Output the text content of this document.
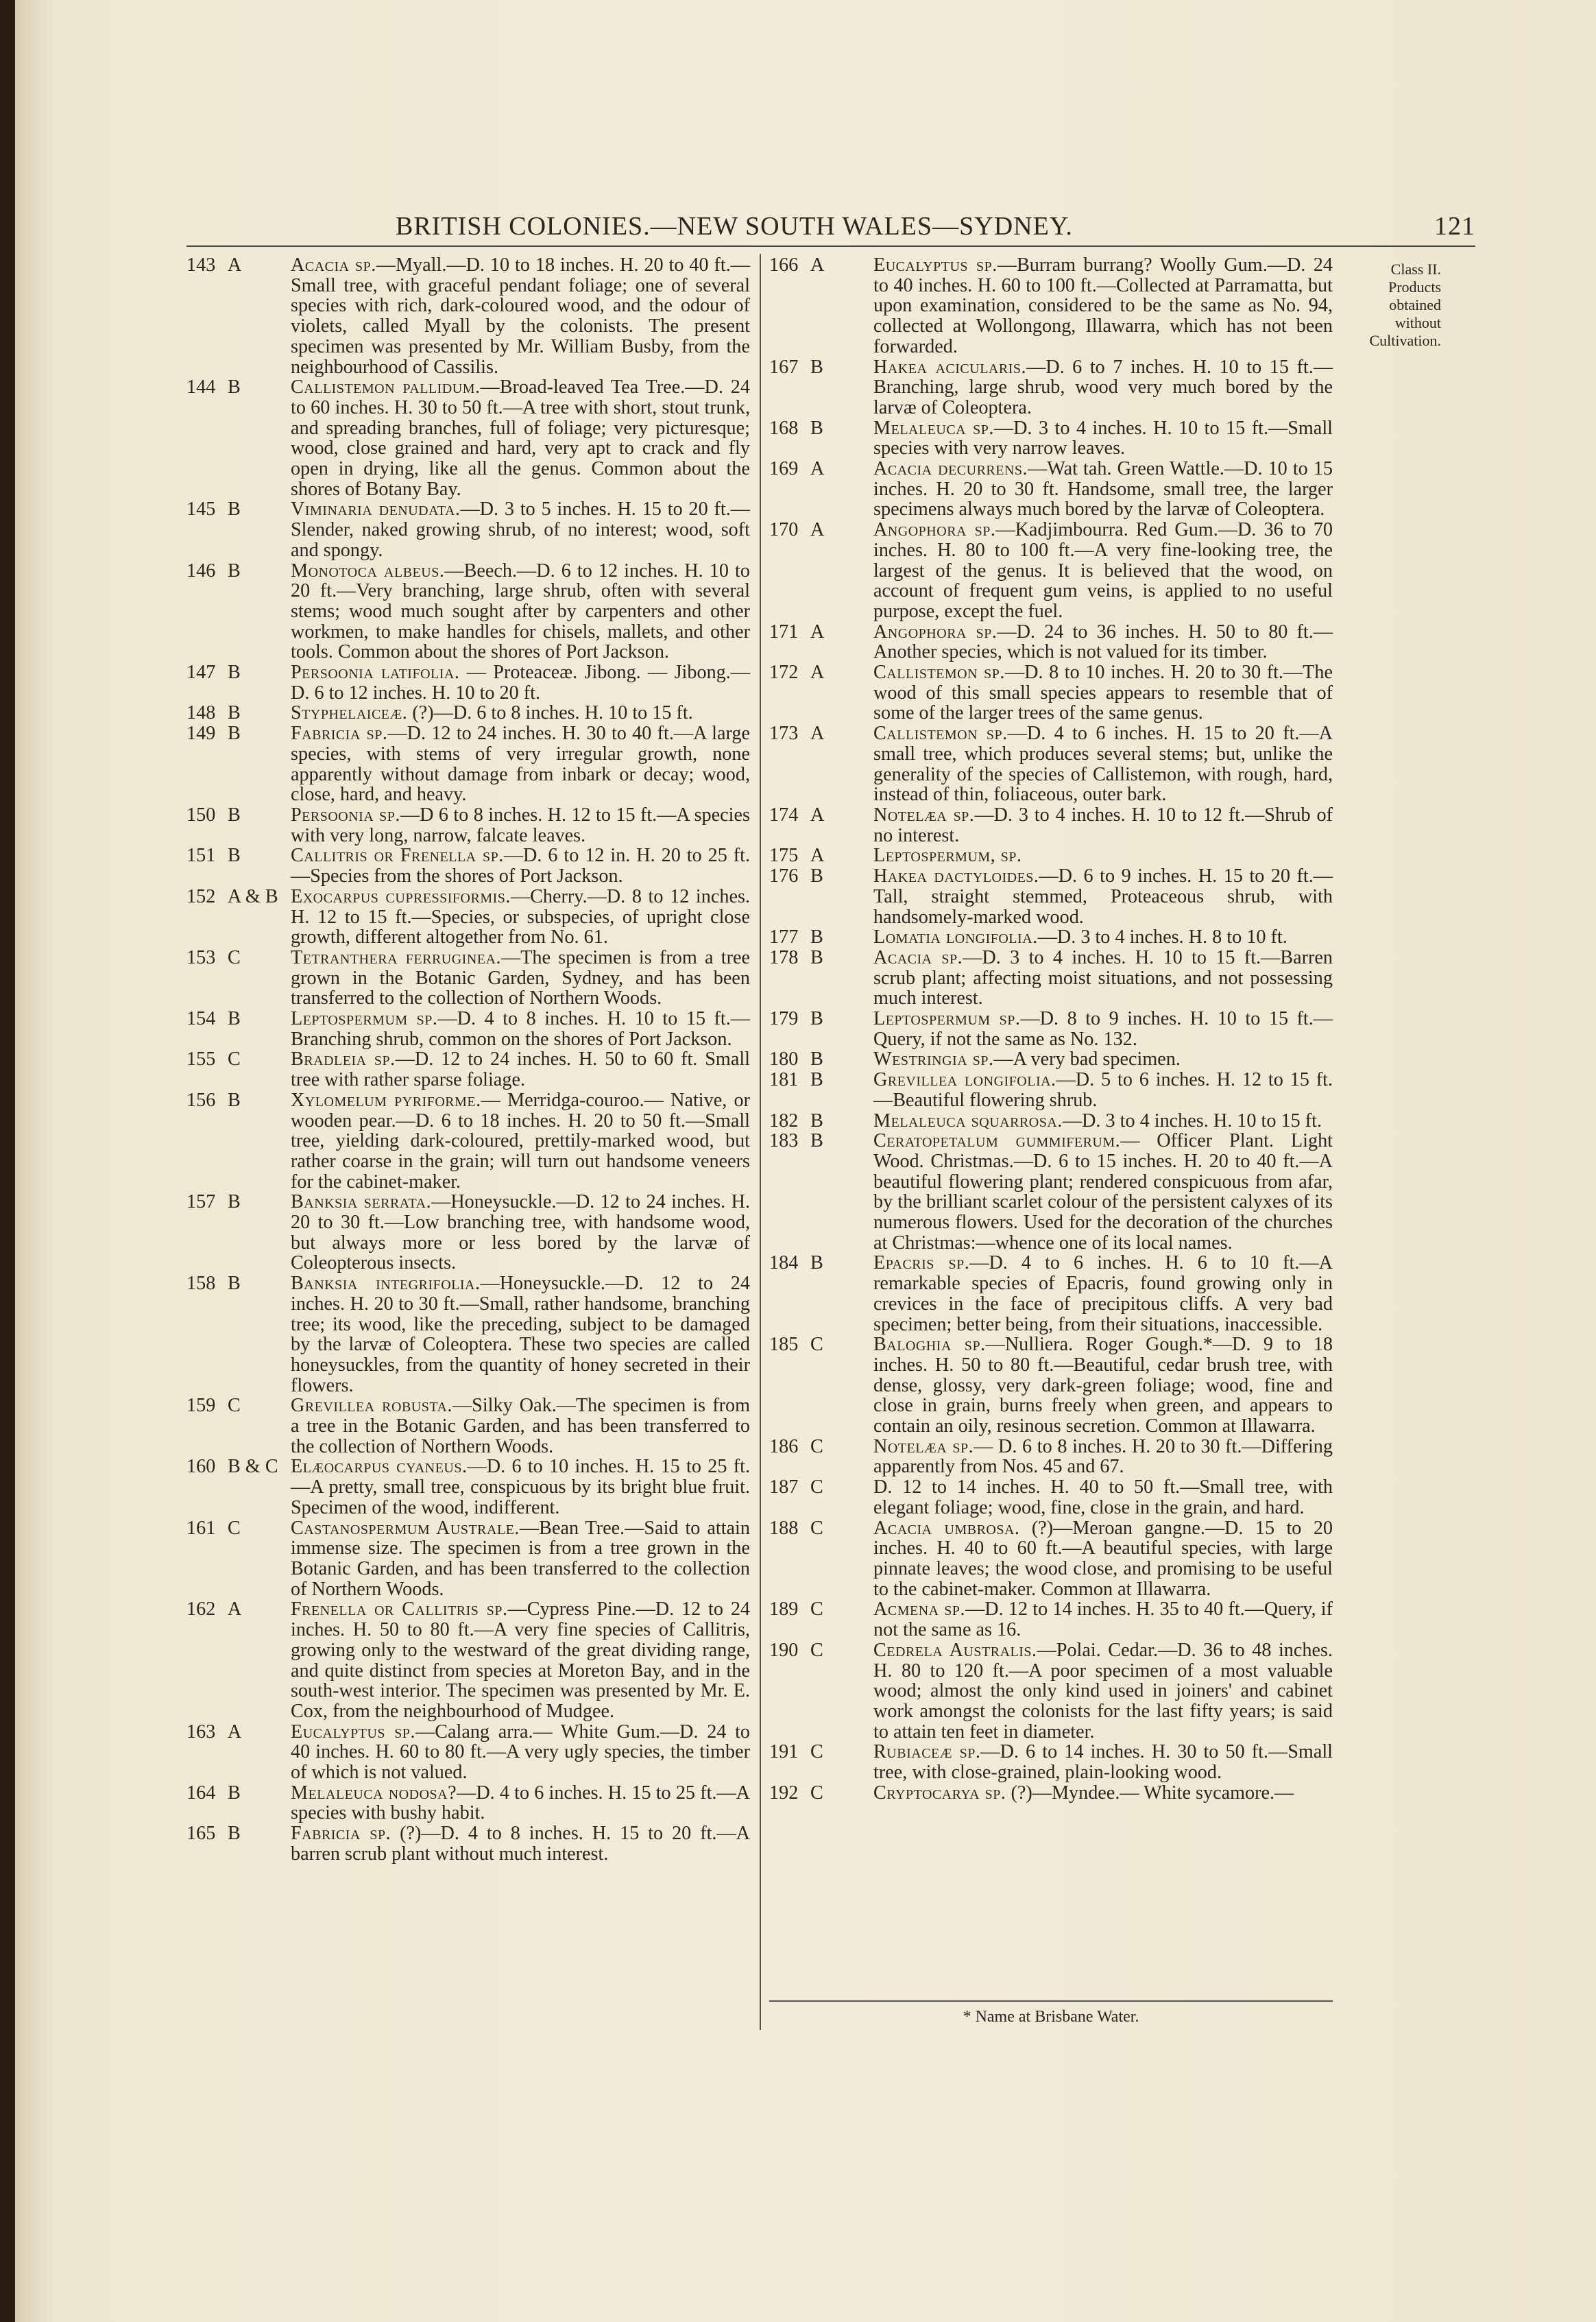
BRITISH COLONIES.—NEW SOUTH WALES—SYDNEY.	121

143 A	Acacia sp.—Myall.—D. 10 to 18 inches. H. 20 to 40 ft.—Small tree, with graceful pendant foliage; one of several species with rich, dark-coloured wood, and the odour of violets, called Myall by the colonists. The present specimen was presented by Mr. William Busby, from the neighbourhood of Cassilis.

144 B	Callistemon pallidum.—Broad-leaved Tea Tree.—D. 24 to 60 inches. H. 30 to 50 ft.—A tree with short, stout trunk, and spreading branches, full of foliage; very picturesque; wood, close grained and hard, very apt to crack and fly open in drying, like all the genus. Common about the shores of Botany Bay.

145 B	Viminaria denudata.—D. 3 to 5 inches. H. 15 to 20 ft.—Slender, naked growing shrub, of no interest; wood, soft and spongy.

146 B	Monotoca albeus.—Beech.—D. 6 to 12 inches. H. 10 to 20 ft.—Very branching, large shrub, often with several stems; wood much sought after by carpenters and other workmen, to make handles for chisels, mallets, and other tools. Common about the shores of Port Jackson.

147 B	Persoonia latifolia. — Proteaceæ. Jibong. — Jibong.—D. 6 to 12 inches. H. 10 to 20 ft.

148 B	Styphelaiceæ. (?)—D. 6 to 8 inches. H. 10 to 15 ft.

149 B	Fabricia sp.—D. 12 to 24 inches. H. 30 to 40 ft.—A large species, with stems of very irregular growth, none apparently without damage from inbark or decay; wood, close, hard, and heavy.

150 B	Persoonia sp.—D 6 to 8 inches. H. 12 to 15 ft.—A species with very long, narrow, falcate leaves.

151 B	Callitris or Frenella sp.—D. 6 to 12 in. H. 20 to 25 ft.—Species from the shores of Port Jackson.

152 A & B Exocarpus cupressiformis.—Cherry.—D. 8 to 12 inches. H. 12 to 15 ft.—Species, or subspecies, of upright close growth, different altogether from No. 61.

153 C	Tetranthera ferruginea.—The specimen is from a tree grown in the Botanic Garden, Sydney, and has been transferred to the collection of Northern Woods.

154 B	Leptospermum sp.—D. 4 to 8 inches. H. 10 to 15 ft.—Branching shrub, common on the shores of Port Jackson.

155 C	Bradleia sp.—D. 12 to 24 inches. H. 50 to 60 ft. Small tree with rather sparse foliage.

156 B	Xylomelum pyriforme.— Merridga-couroo.— Native, or wooden pear.—D. 6 to 18 inches. H. 20 to 50 ft.—Small tree, yielding dark-coloured, prettily-marked wood, but rather coarse in the grain; will turn out handsome veneers for the cabinet-maker.

157 B	Banksia serrata.—Honeysuckle.—D. 12 to 24 inches. H. 20 to 30 ft.—Low branching tree, with handsome wood, but always more or less bored by the larvæ of Coleopterous insects.

158 B	Banksia integrifolia.—Honeysuckle.—D. 12 to 24 inches. H. 20 to 30 ft.—Small, rather handsome, branching tree; its wood, like the preceding, subject to be damaged by the larvæ of Coleoptera. These two species are called honeysuckles, from the quantity of honey secreted in their flowers.

159 C	Grevillea robusta.—Silky Oak.—The specimen is from a tree in the Botanic Garden, and has been transferred to the collection of Northern Woods.

160 B & C Elæocarpus cyaneus.—D. 6 to 10 inches. H. 15 to 25 ft.—A pretty, small tree, conspicuous by its bright blue fruit. Specimen of the wood, indifferent.

161 C	Castanospermum Australe.—Bean Tree.—Said to attain immense size. The specimen is from a tree grown in the Botanic Garden, and has been transferred to the collection of Northern Woods.

162 A	Frenella or Callitris sp.—Cypress Pine.—D. 12 to 24 inches. H. 50 to 80 ft.—A very fine species of Callitris, growing only to the westward of the great dividing range, and quite distinct from species at Moreton Bay, and in the south-west interior. The specimen was presented by Mr. E. Cox, from the neighbourhood of Mudgee.

163 A	Eucalyptus sp.—Calang arra.— White Gum.—D. 24 to 40 inches. H. 60 to 80 ft.—A very ugly species, the timber of which is not valued.

164 B	Melaleuca nodosa?—D. 4 to 6 inches. H. 15 to 25 ft.—A species with bushy habit.

165 B	Fabricia sp. (?)—D. 4 to 8 inches. H. 15 to 20 ft.—A barren scrub plant without much interest.

166 A	Eucalyptus sp.—Burram burrang? Woolly Gum.—D. 24 to 40 inches. H. 60 to 100 ft.—Collected at Parramatta, but upon examination, considered to be the same as No. 94, collected at Wollongong, Illawarra, which has not been forwarded.

167 B	Hakea acicularis.—D. 6 to 7 inches. H. 10 to 15 ft.—Branching, large shrub, wood very much bored by the larvæ of Coleoptera.

168 B	Melaleuca sp.—D. 3 to 4 inches. H. 10 to 15 ft.—Small species with very narrow leaves.

169 A	Acacia decurrens.—Wat tah. Green Wattle.—D. 10 to 15 inches. H. 20 to 30 ft. Handsome, small tree, the larger specimens always much bored by the larvæ of Coleoptera.

170 A	Angophora sp.—Kadjimbourra. Red Gum.—D. 36 to 70 inches. H. 80 to 100 ft.—A very fine-looking tree, the largest of the genus. It is believed that the wood, on account of frequent gum veins, is applied to no useful purpose, except the fuel.

171 A	Angophora sp.—D. 24 to 36 inches. H. 50 to 80 ft.—Another species, which is not valued for its timber.

172 A	Callistemon sp.—D. 8 to 10 inches. H. 20 to 30 ft.—The wood of this small species appears to resemble that of some of the larger trees of the same genus.

173 A	Callistemon sp.—D. 4 to 6 inches. H. 15 to 20 ft.—A small tree, which produces several stems; but, unlike the generality of the species of Callistemon, with rough, hard, instead of thin, foliaceous, outer bark.

174 A	Notelæa sp.—D. 3 to 4 inches. H. 10 to 12 ft.—Shrub of no interest.

175 A	Leptospermum, sp.

176 B	Hakea dactyloides.—D. 6 to 9 inches. H. 15 to 20 ft.— Tall, straight stemmed, Proteaceous shrub, with handsomely-marked wood.

177 B	Lomatia longifolia.—D. 3 to 4 inches. H. 8 to 10 ft.

178 B	Acacia sp.—D. 3 to 4 inches. H. 10 to 15 ft.—Barren scrub plant; affecting moist situations, and not possessing much interest.

179 B	Leptospermum sp.—D. 8 to 9 inches. H. 10 to 15 ft.—Query, if not the same as No. 132.

180 B	Westringia sp.—A very bad specimen.

181 B	Grevillea longifolia.—D. 5 to 6 inches. H. 12 to 15 ft.—Beautiful flowering shrub.

182 B	Melaleuca squarrosa.—D. 3 to 4 inches. H. 10 to 15 ft.

183 B	Ceratopetalum gummiferum.— Officer Plant. Light Wood. Christmas.—D. 6 to 15 inches. H. 20 to 40 ft.—A beautiful flowering plant; rendered conspicuous from afar, by the brilliant scarlet colour of the persistent calyxes of its numerous flowers. Used for the decoration of the churches at Christmas:—whence one of its local names.

184 B	Epacris sp.—D. 4 to 6 inches. H. 6 to 10 ft.—A remarkable species of Epacris, found growing only in crevices in the face of precipitous cliffs. A very bad specimen; better being, from their situations, inaccessible.

185 C	Baloghia sp.—Nulliera. Roger Gough.*—D. 9 to 18 inches. H. 50 to 80 ft.—Beautiful, cedar brush tree, with dense, glossy, very dark-green foliage; wood, fine and close in grain, burns freely when green, and appears to contain an oily, resinous secretion. Common at Illawarra.

186 C	Notelæa sp.— D. 6 to 8 inches. H. 20 to 30 ft.—Differing apparently from Nos. 45 and 67.

187 C	D. 12 to 14 inches. H. 40 to 50 ft.—Small tree, with elegant foliage; wood, fine, close in the grain, and hard.

188 C	Acacia umbrosa. (?)—Meroan gangne.—D. 15 to 20 inches. H. 40 to 60 ft.—A beautiful species, with large pinnate leaves; the wood close, and promising to be useful to the cabinet-maker. Common at Illawarra.

189 C	Acmena sp.—D. 12 to 14 inches. H. 35 to 40 ft.—Query, if not the same as 16.

190 C	Cedrela Australis.—Polai. Cedar.—D. 36 to 48 inches. H. 80 to 120 ft.—A poor specimen of a most valuable wood; almost the only kind used in joiners' and cabinet work amongst the colonists for the last fifty years; is said to attain ten feet in diameter.

191 C	Rubiaceæ sp.—D. 6 to 14 inches. H. 30 to 50 ft.—Small tree, with close-grained, plain-looking wood.

192 C	Cryptocarya sp. (?)—Myndee.— White sycamore.—

Class II.
Products
obtained
without
Cultivation.
* Name at Brisbane Water.
